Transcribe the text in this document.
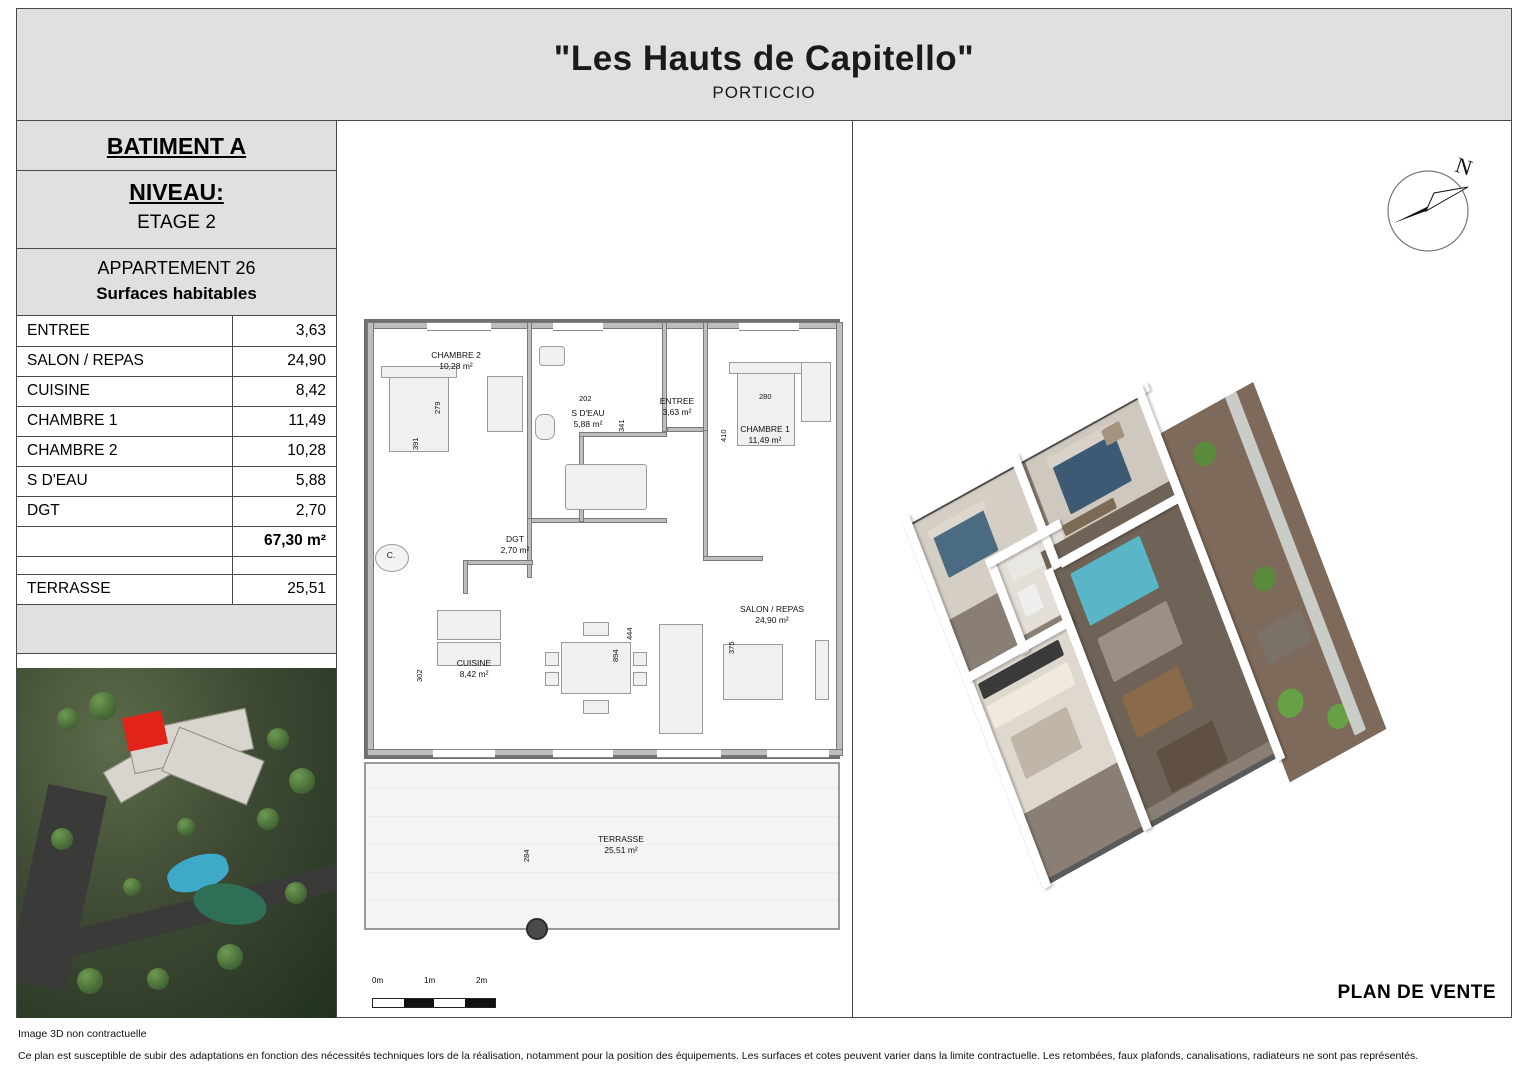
"Les Hauts de Capitello"
PORTICCIO
BATIMENT A
NIVEAU:
ETAGE 2
APPARTEMENT 26
Surfaces habitables
ENTREE	3,63
SALON / REPAS	24,90
CUISINE	8,42
CHAMBRE 1	11,49
CHAMBRE 2	10,28
S D'EAU	5,88
DGT	2,70
	67,30 m²

TERRASSE	25,51
C.
CHAMBRE 2
10,28 m²
S D'EAU
5,88 m²
ENTREE
3,63 m²
CHAMBRE 1
11,49 m²
DGT
2,70 m²
CUISINE
8,42 m²
SALON / REPAS
24,90 m²
279
391
202
341
280
410
302
894
444
375
TERRASSE
25,51 m²
284
0m	1m	2m
N
PLAN DE VENTE
Image 3D non contractuelle
Ce plan est susceptible de subir des adaptations en fonction des nécessités techniques lors de la réalisation, notamment pour la position des équipements. Les surfaces et cotes peuvent varier dans la limite contractuelle. Les retombées, faux plafonds, canalisations, radiateurs ne sont pas représentés.
